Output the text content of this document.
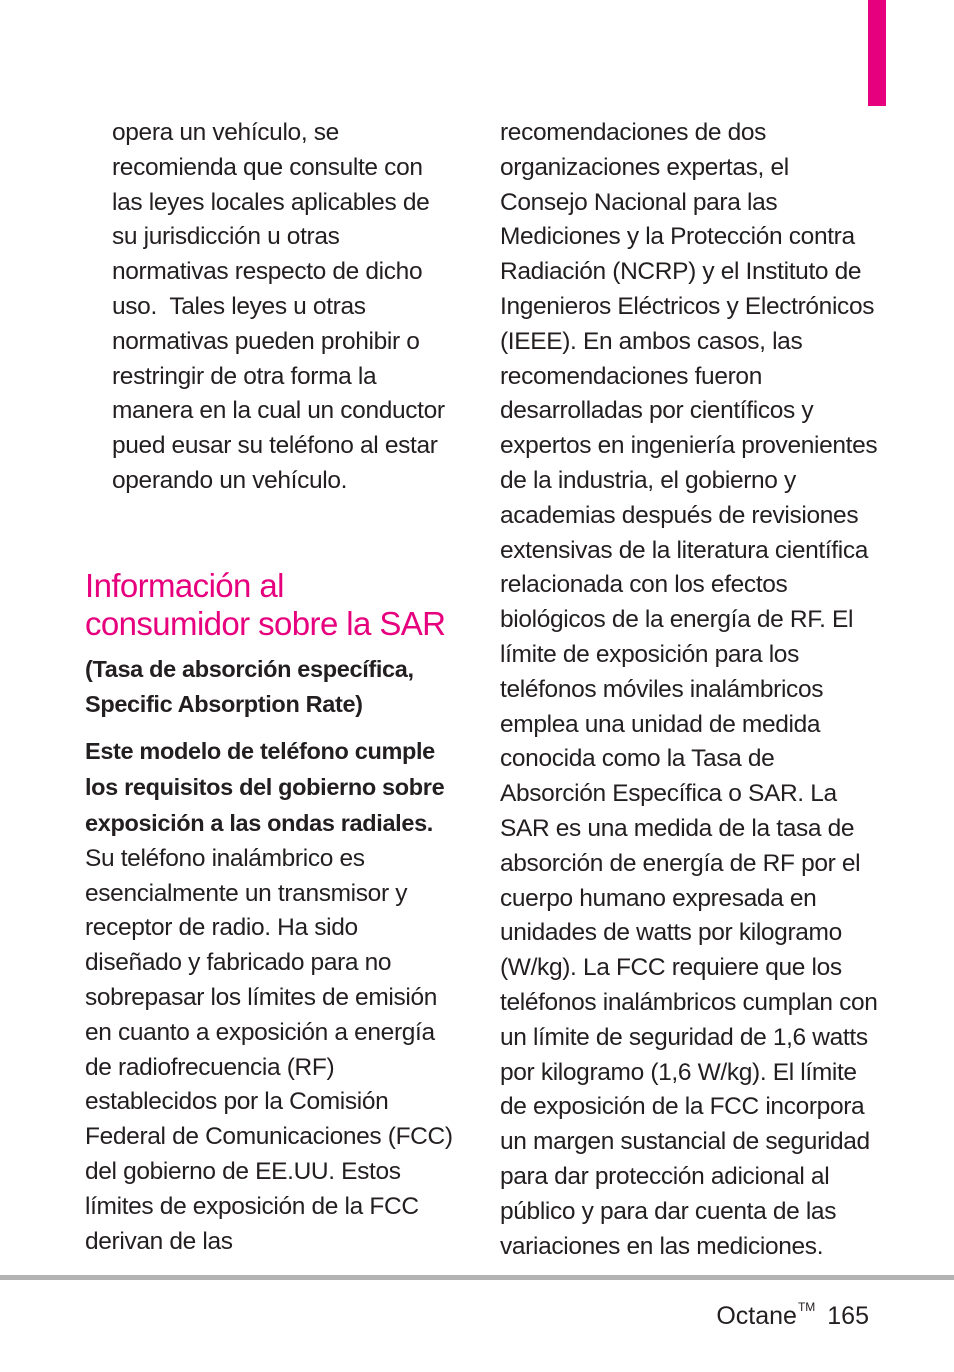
opera un vehículo, se recomienda que consulte con las leyes locales aplicables de su jurisdicción u otras normativas respecto de dicho uso.  Tales leyes u otras normativas pueden prohibir o restringir de otra forma la manera en la cual un conductor pued eusar su teléfono al estar operando un vehículo.

Información al consumidor sobre la SAR

(Tasa de absorción específica, Specific Absorption Rate)

Este modelo de teléfono cumple los requisitos del gobierno sobre exposición a las ondas radiales. Su teléfono inalámbrico es esencialmente un transmisor y receptor de radio. Ha sido diseñado y fabricado para no sobrepasar los límites de emisión en cuanto a exposición a energía de radiofrecuencia (RF) establecidos por la Comisión Federal de Comunicaciones (FCC) del gobierno de EE.UU. Estos límites de exposición de la FCC derivan de las

recomendaciones de dos organizaciones expertas, el Consejo Nacional para las Mediciones y la Protección contra Radiación (NCRP) y el Instituto de Ingenieros Eléctricos y Electrónicos (IEEE). En ambos casos, las recomendaciones fueron desarrolladas por científicos y expertos en ingeniería provenientes de la industria, el gobierno y academias después de revisiones extensivas de la literatura científica relacionada con los efectos biológicos de la energía de RF. El límite de exposición para los teléfonos móviles inalámbricos emplea una unidad de medida conocida como la Tasa de Absorción Específica o SAR. La SAR es una medida de la tasa de absorción de energía de RF por el cuerpo humano expresada en unidades de watts por kilogramo (W/kg). La FCC requiere que los teléfonos inalámbricos cumplan con un límite de seguridad de 1,6 watts por kilogramo (1,6 W/kg). El límite de exposición de la FCC incorpora un margen sustancial de seguridad para dar protección adicional al público y para dar cuenta de las variaciones en las mediciones.

Octane™ 165
